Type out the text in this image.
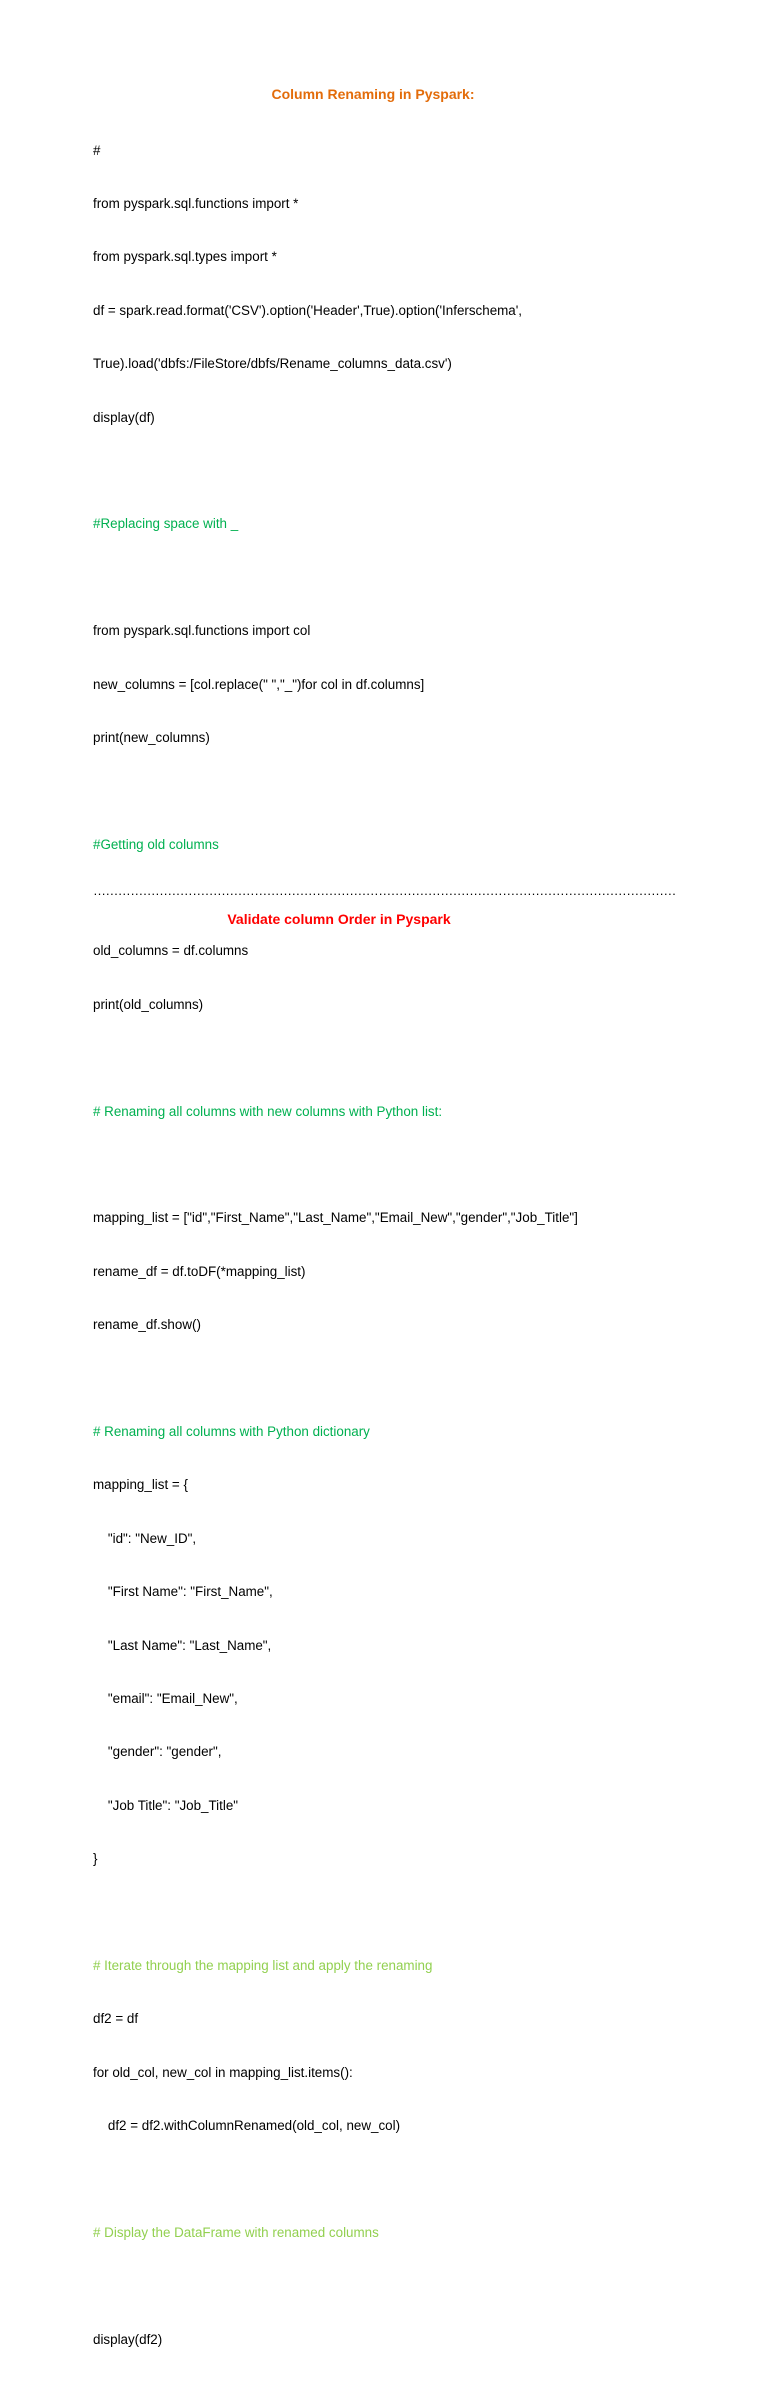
Column Renaming in Pyspark:

#

from pyspark.sql.functions import *

from pyspark.sql.types import *

df = spark.read.format('CSV').option('Header',True).option('Inferschema',

True).load('dbfs:/FileStore/dbfs/Rename_columns_data.csv')

display(df)

#Replacing space with _

from pyspark.sql.functions import col

new_columns = [col.replace(" ","_")for col in df.columns]

print(new_columns)

#Getting old columns

old_columns = df.columns

print(old_columns)

# Renaming all columns with new columns with Python list:

mapping_list = ["id","First_Name","Last_Name","Email_New","gender","Job_Title"]

rename_df = df.toDF(*mapping_list)

rename_df.show()

# Renaming all columns with Python dictionary

mapping_list = {

"id": "New_ID",

"First Name": "First_Name",

"Last Name": "Last_Name",

"email": "Email_New",

"gender": "gender",

"Job Title": "Job_Title"

}

# Iterate through the mapping list and apply the renaming

df2 = df

for old_col, new_col in mapping_list.items():

df2 = df2.withColumnRenamed(old_col, new_col)

# Display the DataFrame with renamed columns

display(df2)

……………………………………………………………………………………………………………………………
Validate column Order in Pyspark
